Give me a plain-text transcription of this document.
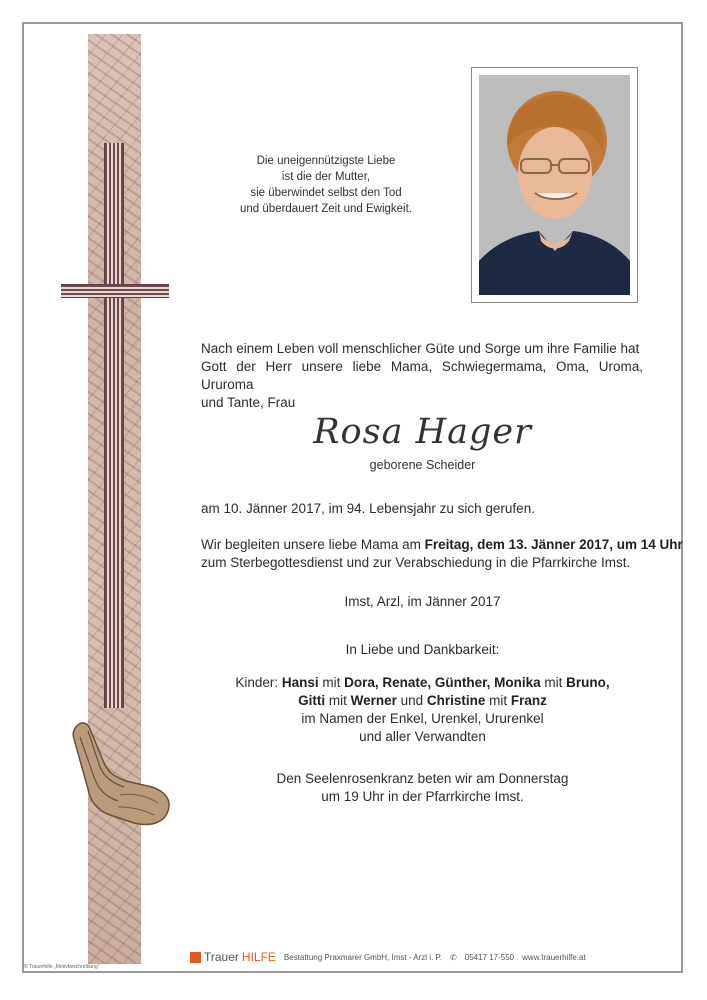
Die uneigennützigste Liebe
ist die der Mutter,
sie überwindet selbst den Tod
und überdauert Zeit und Ewigkeit.
Nach einem Leben voll menschlicher Güte und Sorge um ihre Familie hat
Gott der Herr unsere liebe Mama, Schwiegermama, Oma, Uroma, Ururoma
und Tante, Frau
Rosa Hager
geborene Scheider
am 10. Jänner 2017, im 94. Lebensjahr zu sich gerufen.
Wir begleiten unsere liebe Mama am Freitag, dem 13. Jänner 2017, um 14 Uhr
zum Sterbegottesdienst und zur Verabschiedung in die Pfarrkirche Imst.
Imst, Arzl, im Jänner 2017
In Liebe und Dankbarkeit:
Kinder: Hansi mit Dora, Renate, Günther, Monika mit Bruno,
Gitti mit Werner und Christine mit Franz
im Namen der Enkel, Urenkel, Ururenkel
und aller Verwandten
Den Seelenrosenkranz beten wir am Donnerstag
um 19 Uhr in der Pfarrkirche Imst.
Trauer HILFE Bestattung Praxmarer GmbH, Imst - Arzl i. P. ✆ 05417 17-550 www.trauerhilfe.at
© Trauerhilfe „Motivbeschreibung"
